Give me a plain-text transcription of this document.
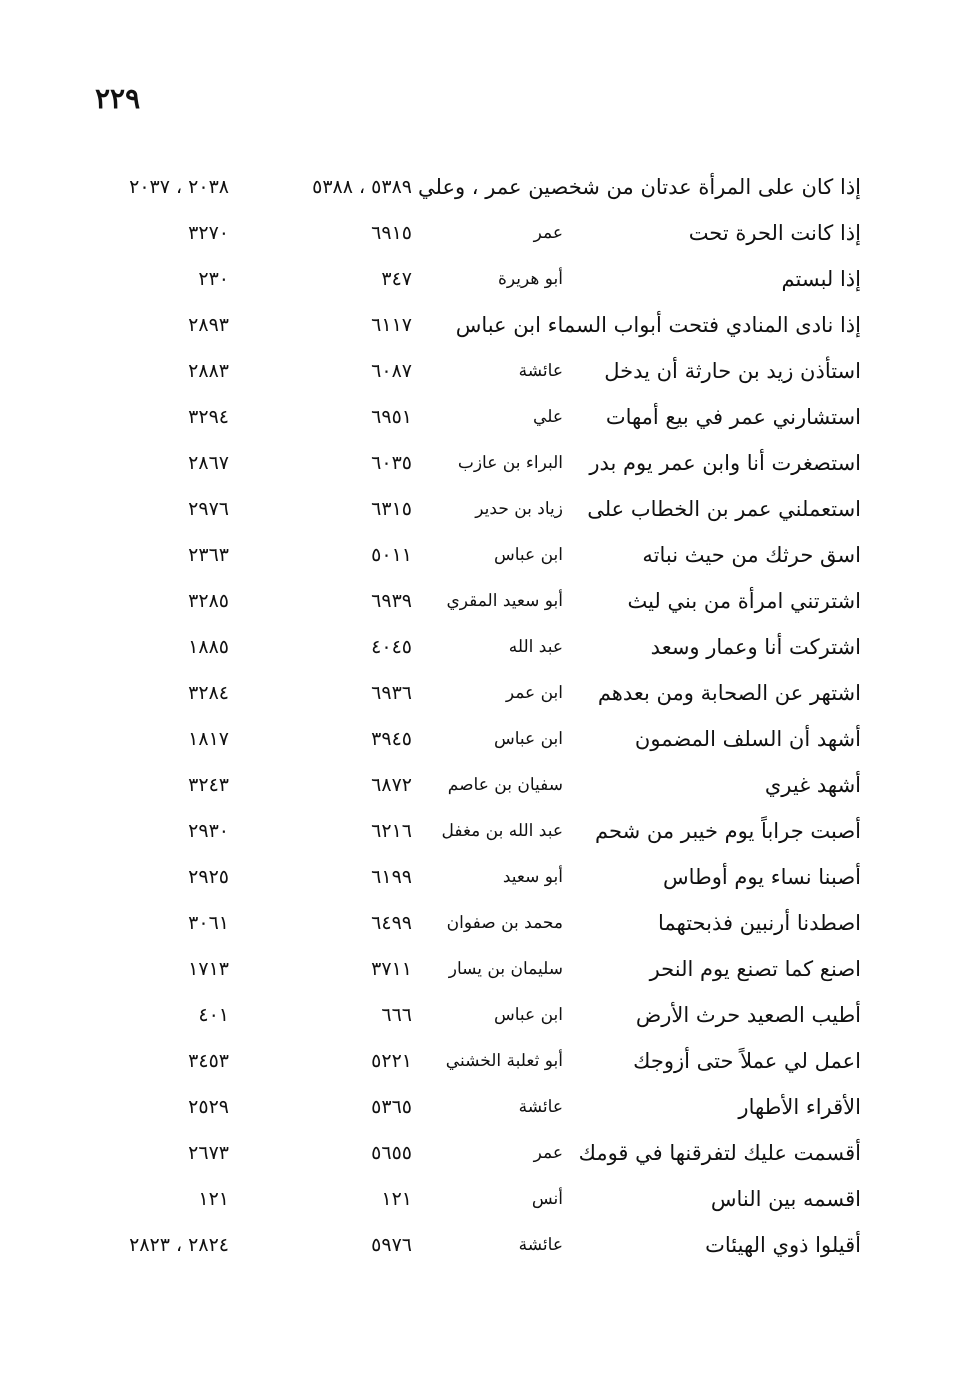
٢٢٩
إذا كان على المرأة عدتان من شخصين عمر ، وعلي
٥٣٨٩ ، ٥٣٨٨
٢٠٣٨ ، ٢٠٣٧
إذا كانت الحرة تحت
عمر
٦٩١٥
٣٢٧٠
إذا لبستم
أبو هريرة
٣٤٧
٢٣٠
إذا نادى المنادي فتحت أبواب السماء ابن عباس
٦١١٧
٢٨٩٣
استأذن زيد بن حارثة أن يدخل
عائشة
٦٠٨٧
٢٨٨٣
استشارني عمر في بيع أمهات
علي
٦٩٥١
٣٢٩٤
استصغرت أنا وابن عمر يوم بدر
البراء بن عازب
٦٠٣٥
٢٨٦٧
استعملني عمر بن الخطاب على
زياد بن حدير
٦٣١٥
٢٩٧٦
اسق حرثك من حيث نباته
ابن عباس
٥٠١١
٢٣٦٣
اشترتني امرأة من بني ليث
أبو سعيد المقري
٦٩٣٩
٣٢٨٥
اشتركت أنا وعمار وسعد
عبد الله
٤٠٤٥
١٨٨٥
اشتهر عن الصحابة ومن بعدهم
ابن عمر
٦٩٣٦
٣٢٨٤
أشهد أن السلف المضمون
ابن عباس
٣٩٤٥
١٨١٧
أشهد غيري
سفيان بن عاصم
٦٨٧٢
٣٢٤٣
أصبت جراباً يوم خيبر من شحم
عبد الله بن مغفل
٦٢١٦
٢٩٣٠
أصبنا نساء يوم أوطاس
أبو سعيد
٦١٩٩
٢٩٢٥
اصطدنا أرنبين فذبحتهما
محمد بن صفوان
٦٤٩٩
٣٠٦١
اصنع كما تصنع يوم النحر
سليمان بن يسار
٣٧١١
١٧١٣
أطيب الصعيد حرث الأرض
ابن عباس
٦٦٦
٤٠١
اعمل لي عملاً حتى أزوجك
أبو ثعلبة الخشني
٥٢٢١
٣٤٥٣
الأقراء الأطهار
عائشة
٥٣٦٥
٢٥٢٩
أقسمت عليك لتفرقنها في قومك
عمر
٥٦٥٥
٢٦٧٣
اقسمه بين الناس
أنس
١٢١
١٢١
أقيلوا ذوي الهيئات
عائشة
٥٩٧٦
٢٨٢٤ ، ٢٨٢٣
